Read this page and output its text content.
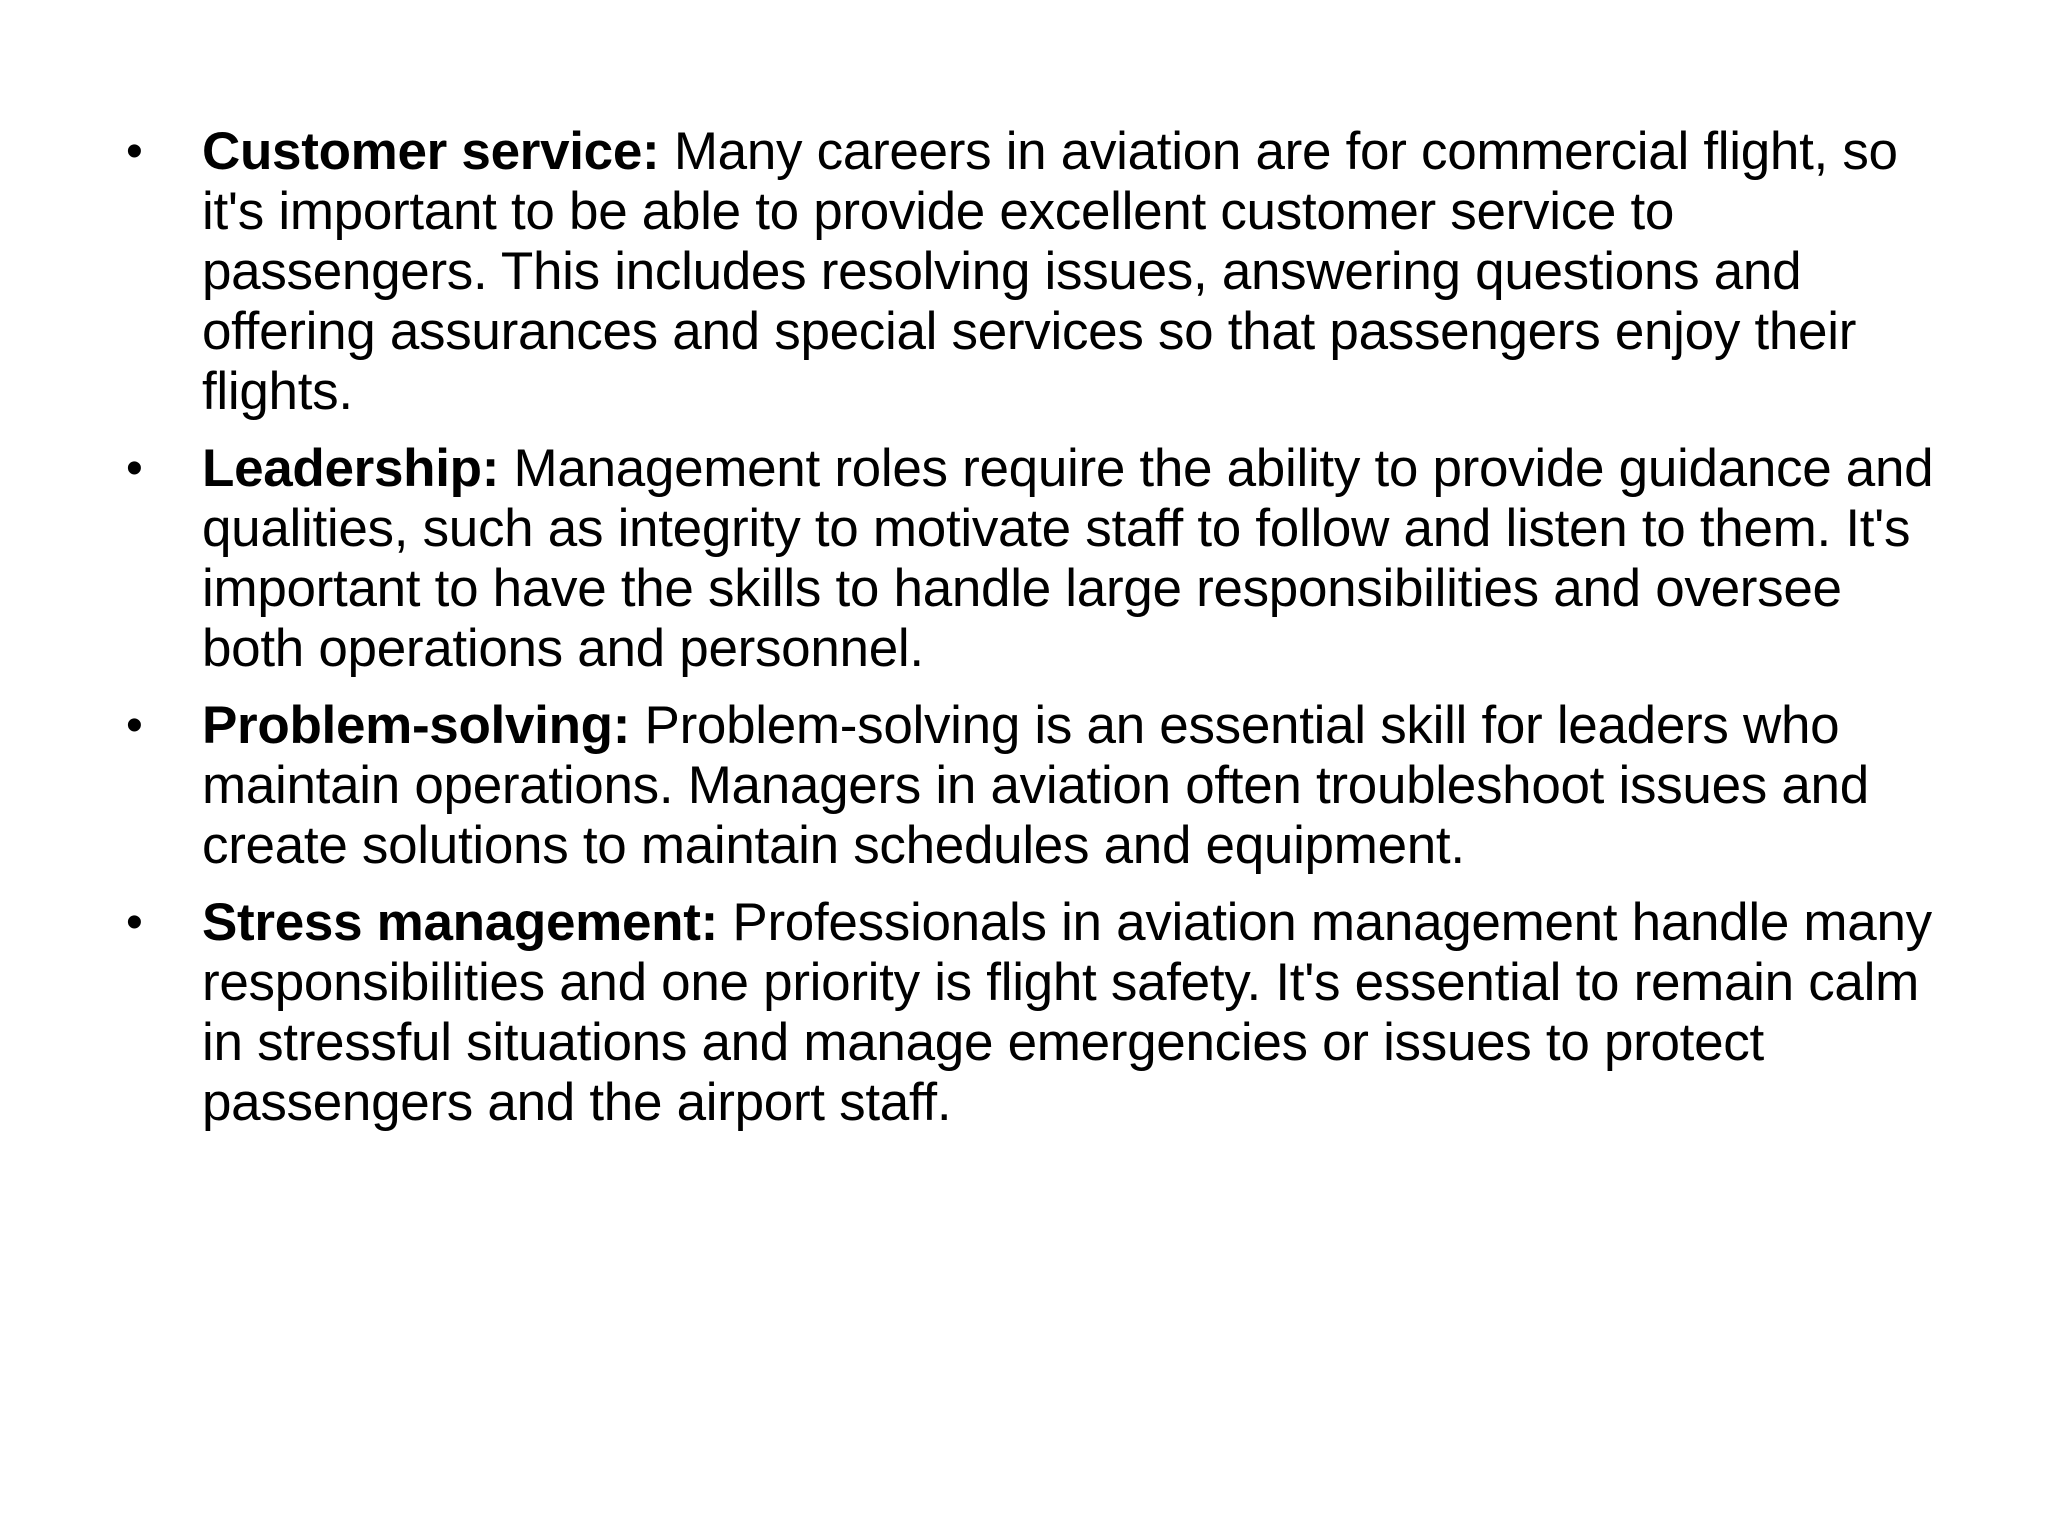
• Customer service: Many careers in aviation are for commercial flight, so it's important to be able to provide excellent customer service to passengers. This includes resolving issues, answering questions and offering assurances and special services so that passengers enjoy their flights.
• Leadership: Management roles require the ability to provide guidance and qualities, such as integrity to motivate staff to follow and listen to them. It's important to have the skills to handle large responsibilities and oversee both operations and personnel.
• Problem-solving: Problem-solving is an essential skill for leaders who maintain operations. Managers in aviation often troubleshoot issues and create solutions to maintain schedules and equipment.
• Stress management: Professionals in aviation management handle many responsibilities and one priority is flight safety. It's essential to remain calm in stressful situations and manage emergencies or issues to protect passengers and the airport staff.
